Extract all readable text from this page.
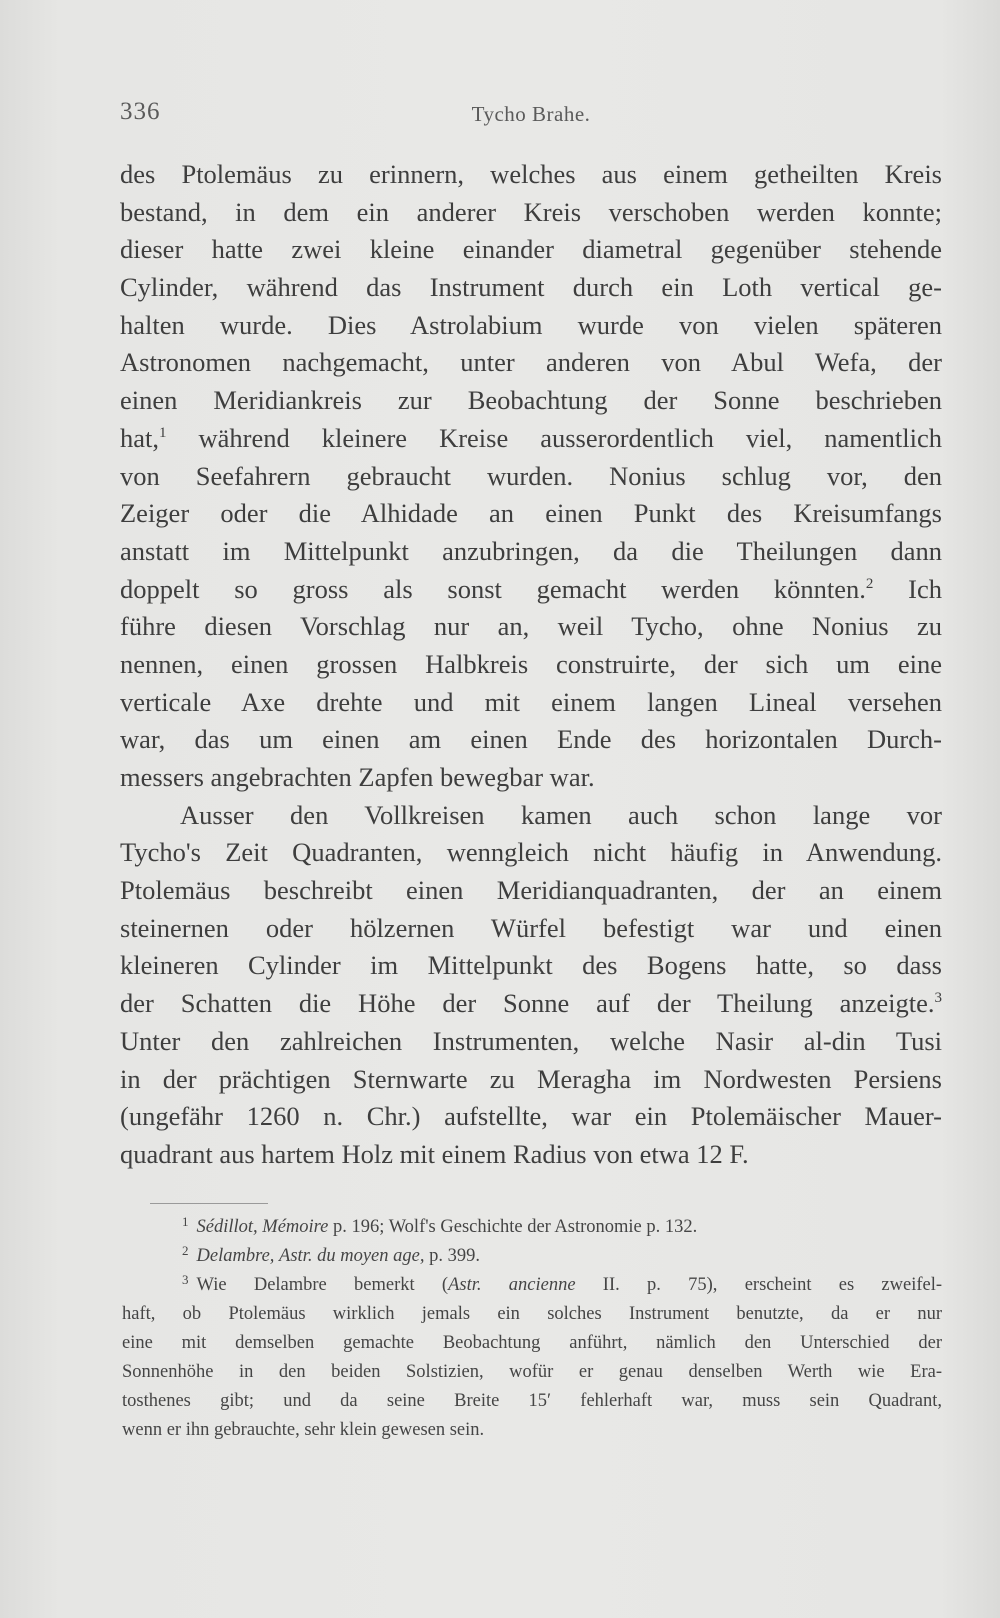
336	Tycho Brahe.
des Ptolemäus zu erinnern, welches aus einem getheilten Kreis
bestand, in dem ein anderer Kreis verschoben werden konnte;
dieser hatte zwei kleine einander diametral gegenüber stehende
Cylinder, während das Instrument durch ein Loth vertical ge-
halten wurde. Dies Astrolabium wurde von vielen späteren
Astronomen nachgemacht, unter anderen von Abul Wefa, der
einen Meridiankreis zur Beobachtung der Sonne beschrieben
hat,$^1$ während kleinere Kreise ausserordentlich viel, namentlich
von Seefahrern gebraucht wurden. Nonius schlug vor, den
Zeiger oder die Alhidade an einen Punkt des Kreisumfangs
anstatt im Mittelpunkt anzubringen, da die Theilungen dann
doppelt so gross als sonst gemacht werden könnten.$^2$ Ich
führe diesen Vorschlag nur an, weil Tycho, ohne Nonius zu
nennen, einen grossen Halbkreis construirte, der sich um eine
verticale Axe drehte und mit einem langen Lineal versehen
war, das um einen am einen Ende des horizontalen Durch-
messers angebrachten Zapfen bewegbar war.
Ausser den Vollkreisen kamen auch schon lange vor
Tycho's Zeit Quadranten, wenngleich nicht häufig in Anwendung.
Ptolemäus beschreibt einen Meridianquadranten, der an einem
steinernen oder hölzernen Würfel befestigt war und einen
kleineren Cylinder im Mittelpunkt des Bogens hatte, so dass
der Schatten die Höhe der Sonne auf der Theilung anzeigte.$^3$
Unter den zahlreichen Instrumenten, welche Nasir al-din Tusi
in der prächtigen Sternwarte zu Meragha im Nordwesten Persiens
(ungefähr 1260 n. Chr.) aufstellte, war ein Ptolemäischer Mauer-
quadrant aus hartem Holz mit einem Radius von etwa 12 F.
$^1$ Sédillot, Mémoire p. 196; Wolf's Geschichte der Astronomie p. 132.
$^2$ Delambre, Astr. du moyen age, p. 399.
$^3$ Wie Delambre bemerkt (Astr. ancienne II. p. 75), erscheint es zweifel-
haft, ob Ptolemäus wirklich jemals ein solches Instrument benutzte, da er nur
eine mit demselben gemachte Beobachtung anführt, nämlich den Unterschied der
Sonnenhöhe in den beiden Solstizien, wofür er genau denselben Werth wie Era-
tosthenes gibt; und da seine Breite 15′ fehlerhaft war, muss sein Quadrant,
wenn er ihn gebrauchte, sehr klein gewesen sein.
